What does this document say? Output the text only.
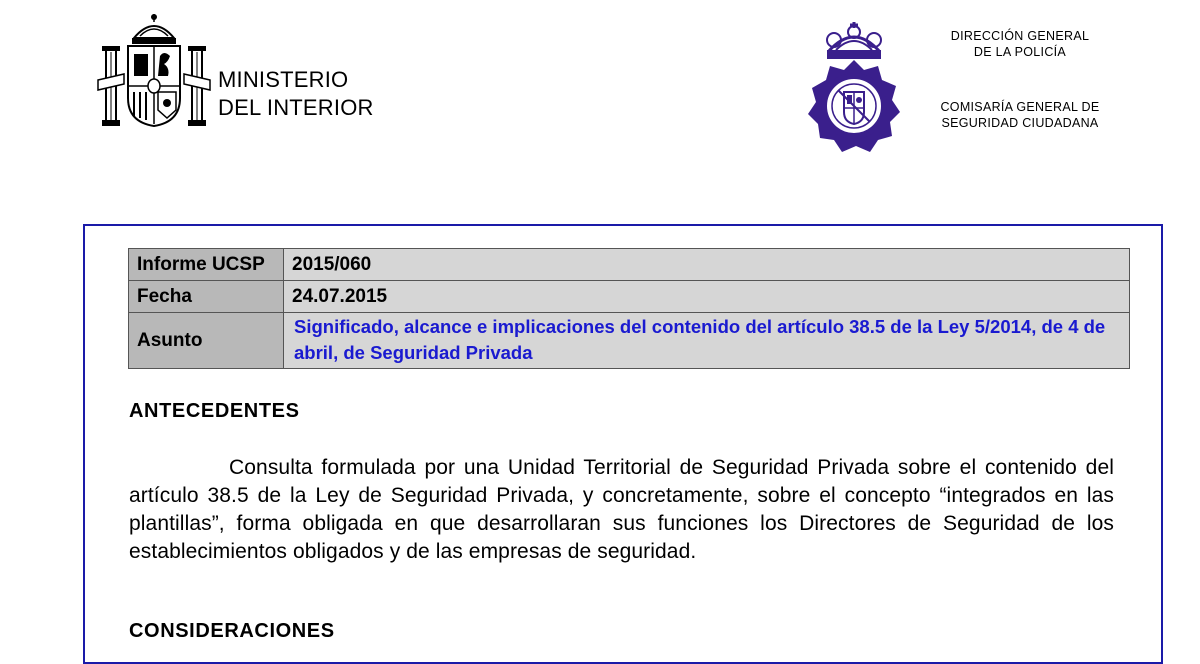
MINISTERIO
DEL INTERIOR
DIRECCIÓN GENERAL
DE LA POLICÍA
COMISARÍA GENERAL DE
SEGURIDAD CIUDADANA
Informe UCSP	2015/060
Fecha	24.07.2015
Asunto	Significado, alcance e implicaciones del contenido del artículo 38.5 de la Ley 5/2014, de 4 de abril, de Seguridad Privada
ANTECEDENTES
Consulta formulada por una Unidad Territorial de Seguridad Privada sobre el contenido del artículo 38.5 de la Ley de Seguridad Privada, y concretamente, sobre el concepto “integrados en las plantillas”, forma obligada en que desarrollaran sus funciones los Directores de Seguridad de los establecimientos obligados y de las empresas de seguridad.
CONSIDERACIONES
